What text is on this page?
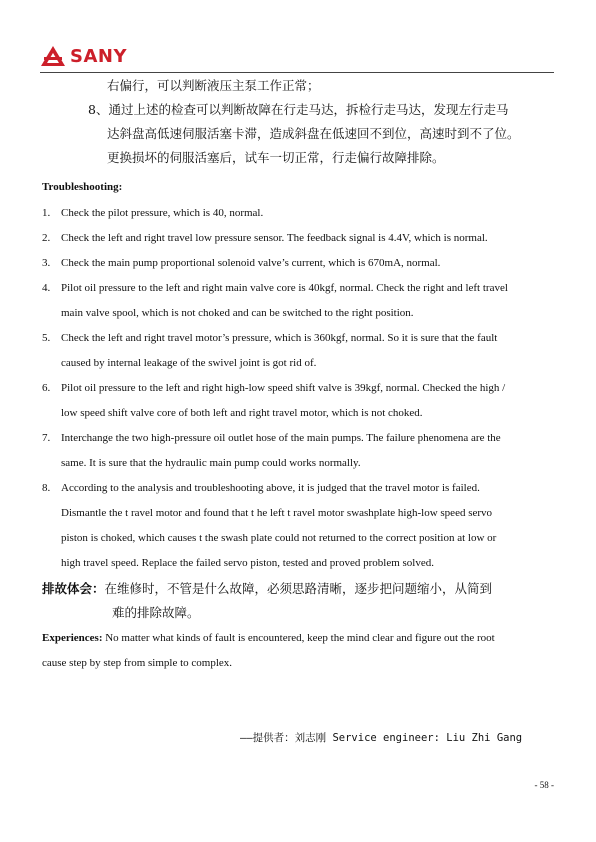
SANY
右偏行，可以判断液压主泵工作正常；
8、通过上述的检查可以判断故障在行走马达，拆检行走马达，发现左行走马
达斜盘高低速伺服活塞卡滞，造成斜盘在低速回不到位，高速时到不了位。
更换损坏的伺服活塞后，试车一切正常，行走偏行故障排除。
Troubleshooting:
1. Check the pilot pressure, which is 40, normal.
2. Check the left and right travel low pressure sensor. The feedback signal is 4.4V, which is normal.
3. Check the main pump proportional solenoid valve’s current, which is 670mA, normal.
4. Pilot oil pressure to the left and right main valve core is 40kgf, normal. Check the right and left travel
main valve spool, which is not choked and can be switched to the right position.
5. Check the left and right travel motor’s pressure, which is 360kgf, normal. So it is sure that the fault
caused by internal leakage of the swivel joint is got rid of.
6. Pilot oil pressure to the left and right high-low speed shift valve is 39kgf, normal. Checked the high /
low speed shift valve core of both left and right travel motor, which is not choked.
7. Interchange the two high-pressure oil outlet hose of the main pumps. The failure phenomena are the
same. It is sure that the hydraulic main pump could works normally.
8. According to the analysis and troubleshooting above, it is judged that the travel motor is failed.
Dismantle the t ravel motor and found that t he left t ravel motor swashplate high-low speed servo
piston is choked, which causes t the swash plate could not returned to the correct position at low or
high travel speed. Replace the failed servo piston, tested and proved problem solved.
排故体会：在维修时，不管是什么故障，必须思路清晰，逐步把问题缩小，从简到
难的排除故障。
Experiences: No matter what kinds of fault is encountered, keep the mind clear and figure out the root
cause step by step from simple to complex.
——提供者：刘志刚 Service engineer: Liu Zhi Gang
- 58 -
